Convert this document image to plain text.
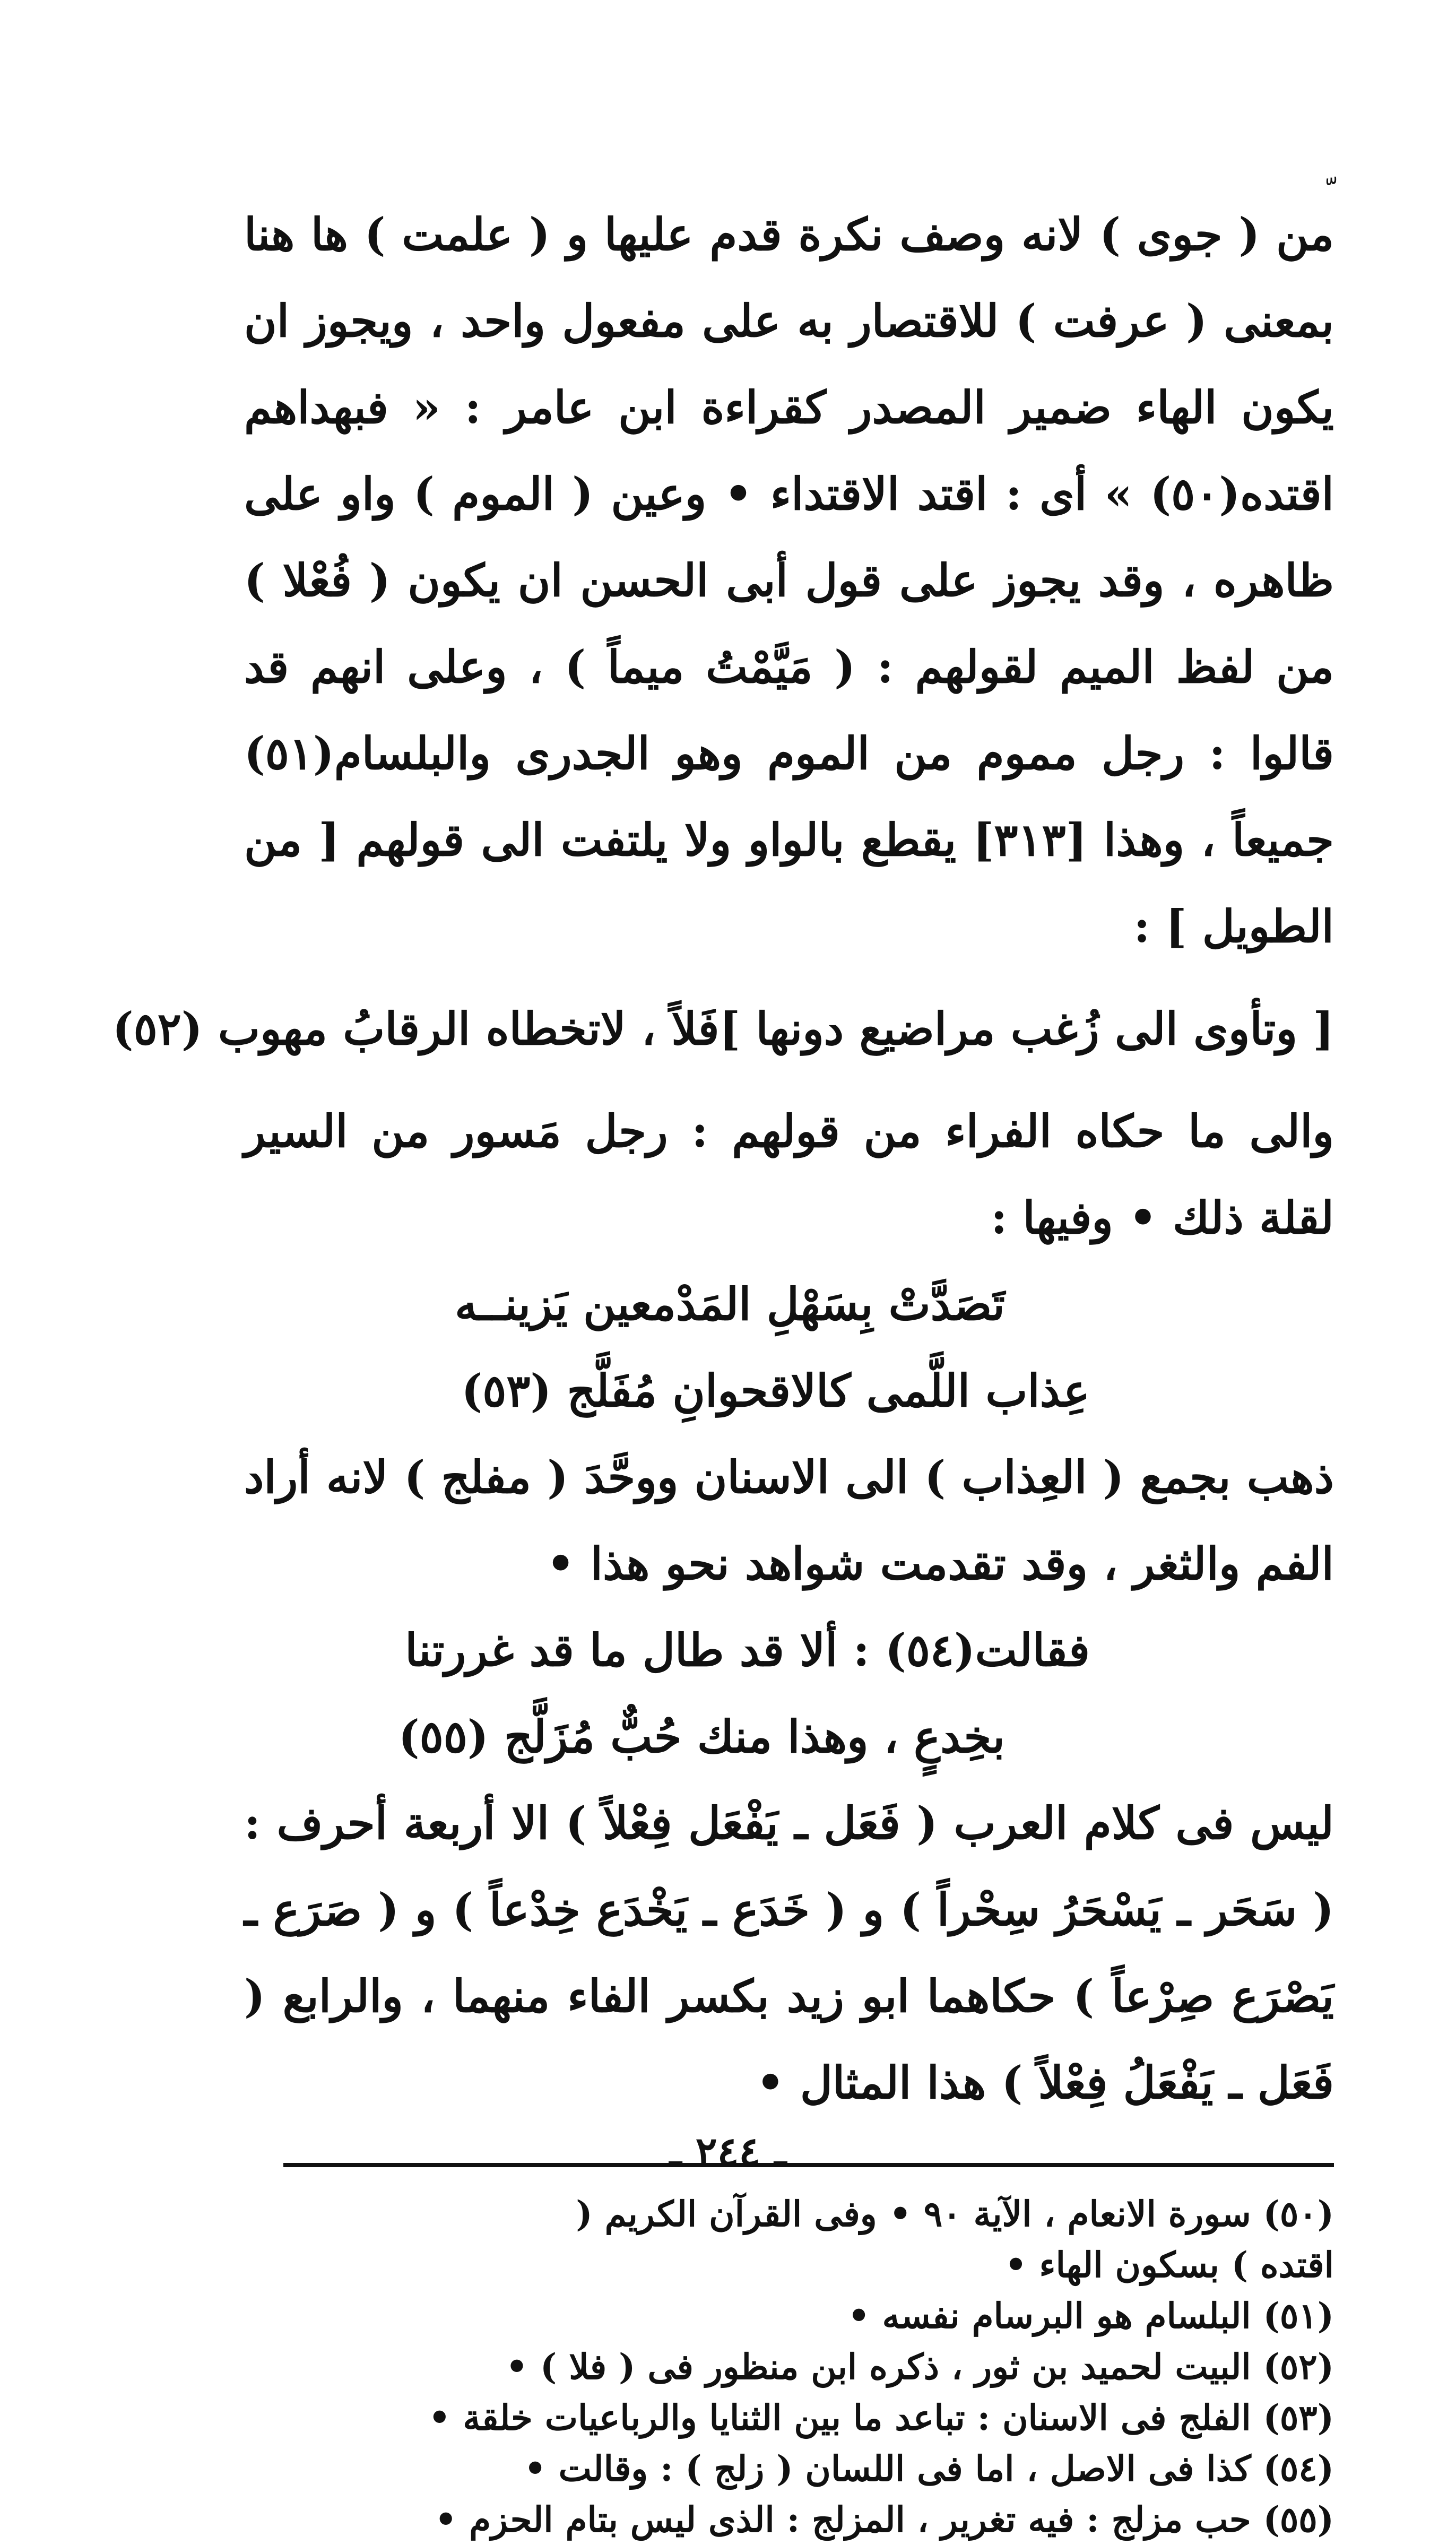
من ( جوى ) لانه وصف نكرة قدم عليها و ( علمت ) ها هنا بمعنى ( عرفت ) للاقتصار به على مفعول واحد ، ويجوز ان يكون الهاء ضمير المصدر كقراءة ابن عامر : « فبهداهم اقتده(٥٠) » أى : اقتد الاقتداء • وعين ( الموم ) واو على ظاهره ، وقد يجوز على قول أبى الحسن ان يكون ( فُعْلا ) من لفظ الميم لقولهم : ( مَيَّمْتُ ميماً ) ، وعلى انهم قد قالوا : رجل مموم من الموم وهو الجدرى والبلسام(٥١) جميعاً ، وهذا [٣١٣] يقطع بالواو ولا يلتفت الى قولهم [ من الطويل ] :

[ وتأوى الى زُغب مراضيع دونها ]
فَلاً ، لاتخطاه الرقابُ مهوب (٥٢)

والى ما حكاه الفراء من قولهم : رجل مَسور من السير لقلة ذلك • وفيها :

تَصَدَّتْ بِسَهْلِ المَدْمعين يَزينــه
عِذاب اللَّمى كالاقحوانِ مُفَلَّج (٥٣)

ذهب بجمع ( العِذاب ) الى الاسنان ووحَّدَ ( مفلج ) لانه أراد الفم والثغر ، وقد تقدمت شواهد نحو هذا •

فقالت(٥٤) : ألا قد طال ما قد غررتنا
بخِدعٍ ، وهذا منك حُبٌّ مُزَلَّج (٥٥)

ليس فى كلام العرب ( فَعَل ـ يَفْعَل فِعْلاً ) الا أربعة أحرف : ( سَحَر ـ يَسْحَرُ سِحْراً ) و ( خَدَع ـ يَخْدَع خِدْعاً ) و ( صَرَع ـ يَصْرَع صِرْعاً ) حكاهما ابو زيد بكسر الفاء منهما ، والرابع ( فَعَل ـ يَفْعَلُ فِعْلاً ) هذا المثال •

(٥٠) سورة الانعام ، الآية ٩٠ • وفى القرآن الكريم ( اقتده ) بسكون الهاء •
(٥١) البلسام هو البرسام نفسه •
(٥٢) البيت لحميد بن ثور ، ذكره ابن منظور فى ( فلا ) •
(٥٣) الفلج فى الاسنان : تباعد ما بين الثنايا والرباعيات خلقة •
(٥٤) كذا فى الاصل ، اما فى اللسان ( زلج ) : وقالت •
(٥٥) حب مزلج : فيه تغرير ، المزلج : الذى ليس بتام الحزم •
ـ ٢٤٤ ـ
